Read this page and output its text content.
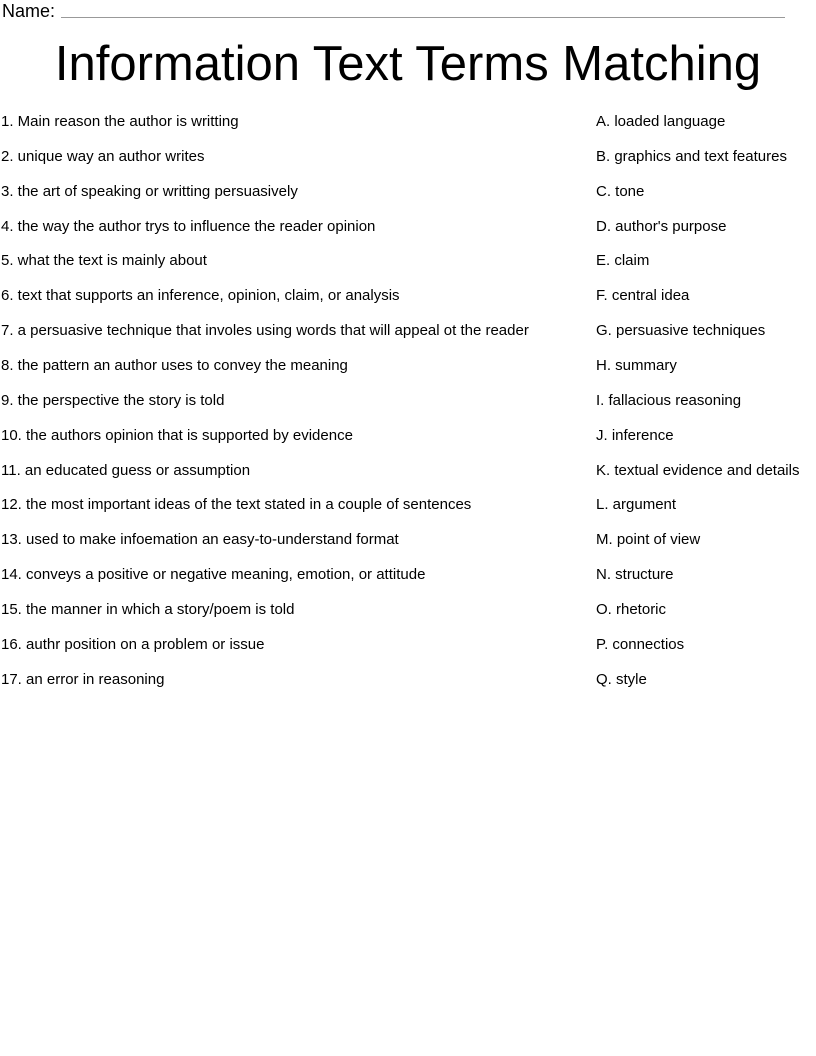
Name:
Information Text Terms Matching
1. Main reason the author is writting
2. unique way an author writes
3. the art of speaking or writting persuasively
4. the way the author trys to influence the reader opinion
5. what the text is mainly about
6. text that supports an inference, opinion, claim, or analysis
7. a persuasive technique that involes using words that will appeal ot the reader
8. the pattern an author uses to convey the meaning
9. the perspective the story is told
10. the authors opinion that is supported by evidence
11. an educated guess or assumption
12. the most important ideas of the text stated in a couple of sentences
13. used to make infoemation an easy-to-understand format
14. conveys a positive or negative meaning, emotion, or attitude
15. the manner in which a story/poem is told
16. authr position on a problem or issue
17. an error in reasoning
A. loaded language
B. graphics and text features
C. tone
D. author's purpose
E. claim
F. central idea
G. persuasive techniques
H. summary
I. fallacious reasoning
J. inference
K. textual evidence and details
L. argument
M. point of view
N. structure
O. rhetoric
P. connectios
Q. style
